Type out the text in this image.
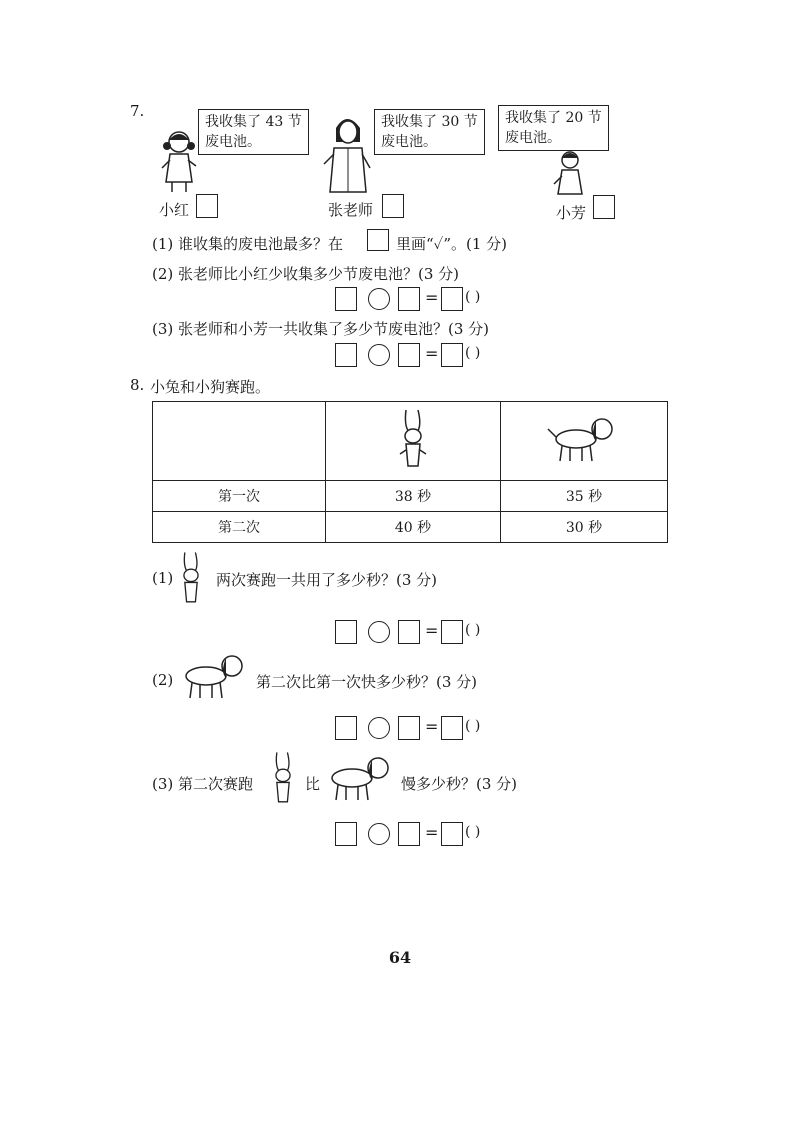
7.
我收集了 43 节
废电池。
我收集了 30 节
废电池。
我收集了 20 节
废电池。
小红	张老师	小芳
(1) 谁收集的废电池最多？在	里画“✓”。(1 分)
(2) 张老师比小红少收集多少节废电池？(3 分)
= ( )
(3) 张老师和小芳一共收集了多少节废电池？(3 分)
= ( )
8. 小兔和小狗赛跑。

第一次	38 秒	35 秒
第二次	40 秒	30 秒
(1)	两次赛跑一共用了多少秒？(3 分)
= ( )
(2)	第二次比第一次快多少秒？(3 分)
= ( )
(3) 第二次赛跑	比	慢多少秒？(3 分)
= ( )
64
